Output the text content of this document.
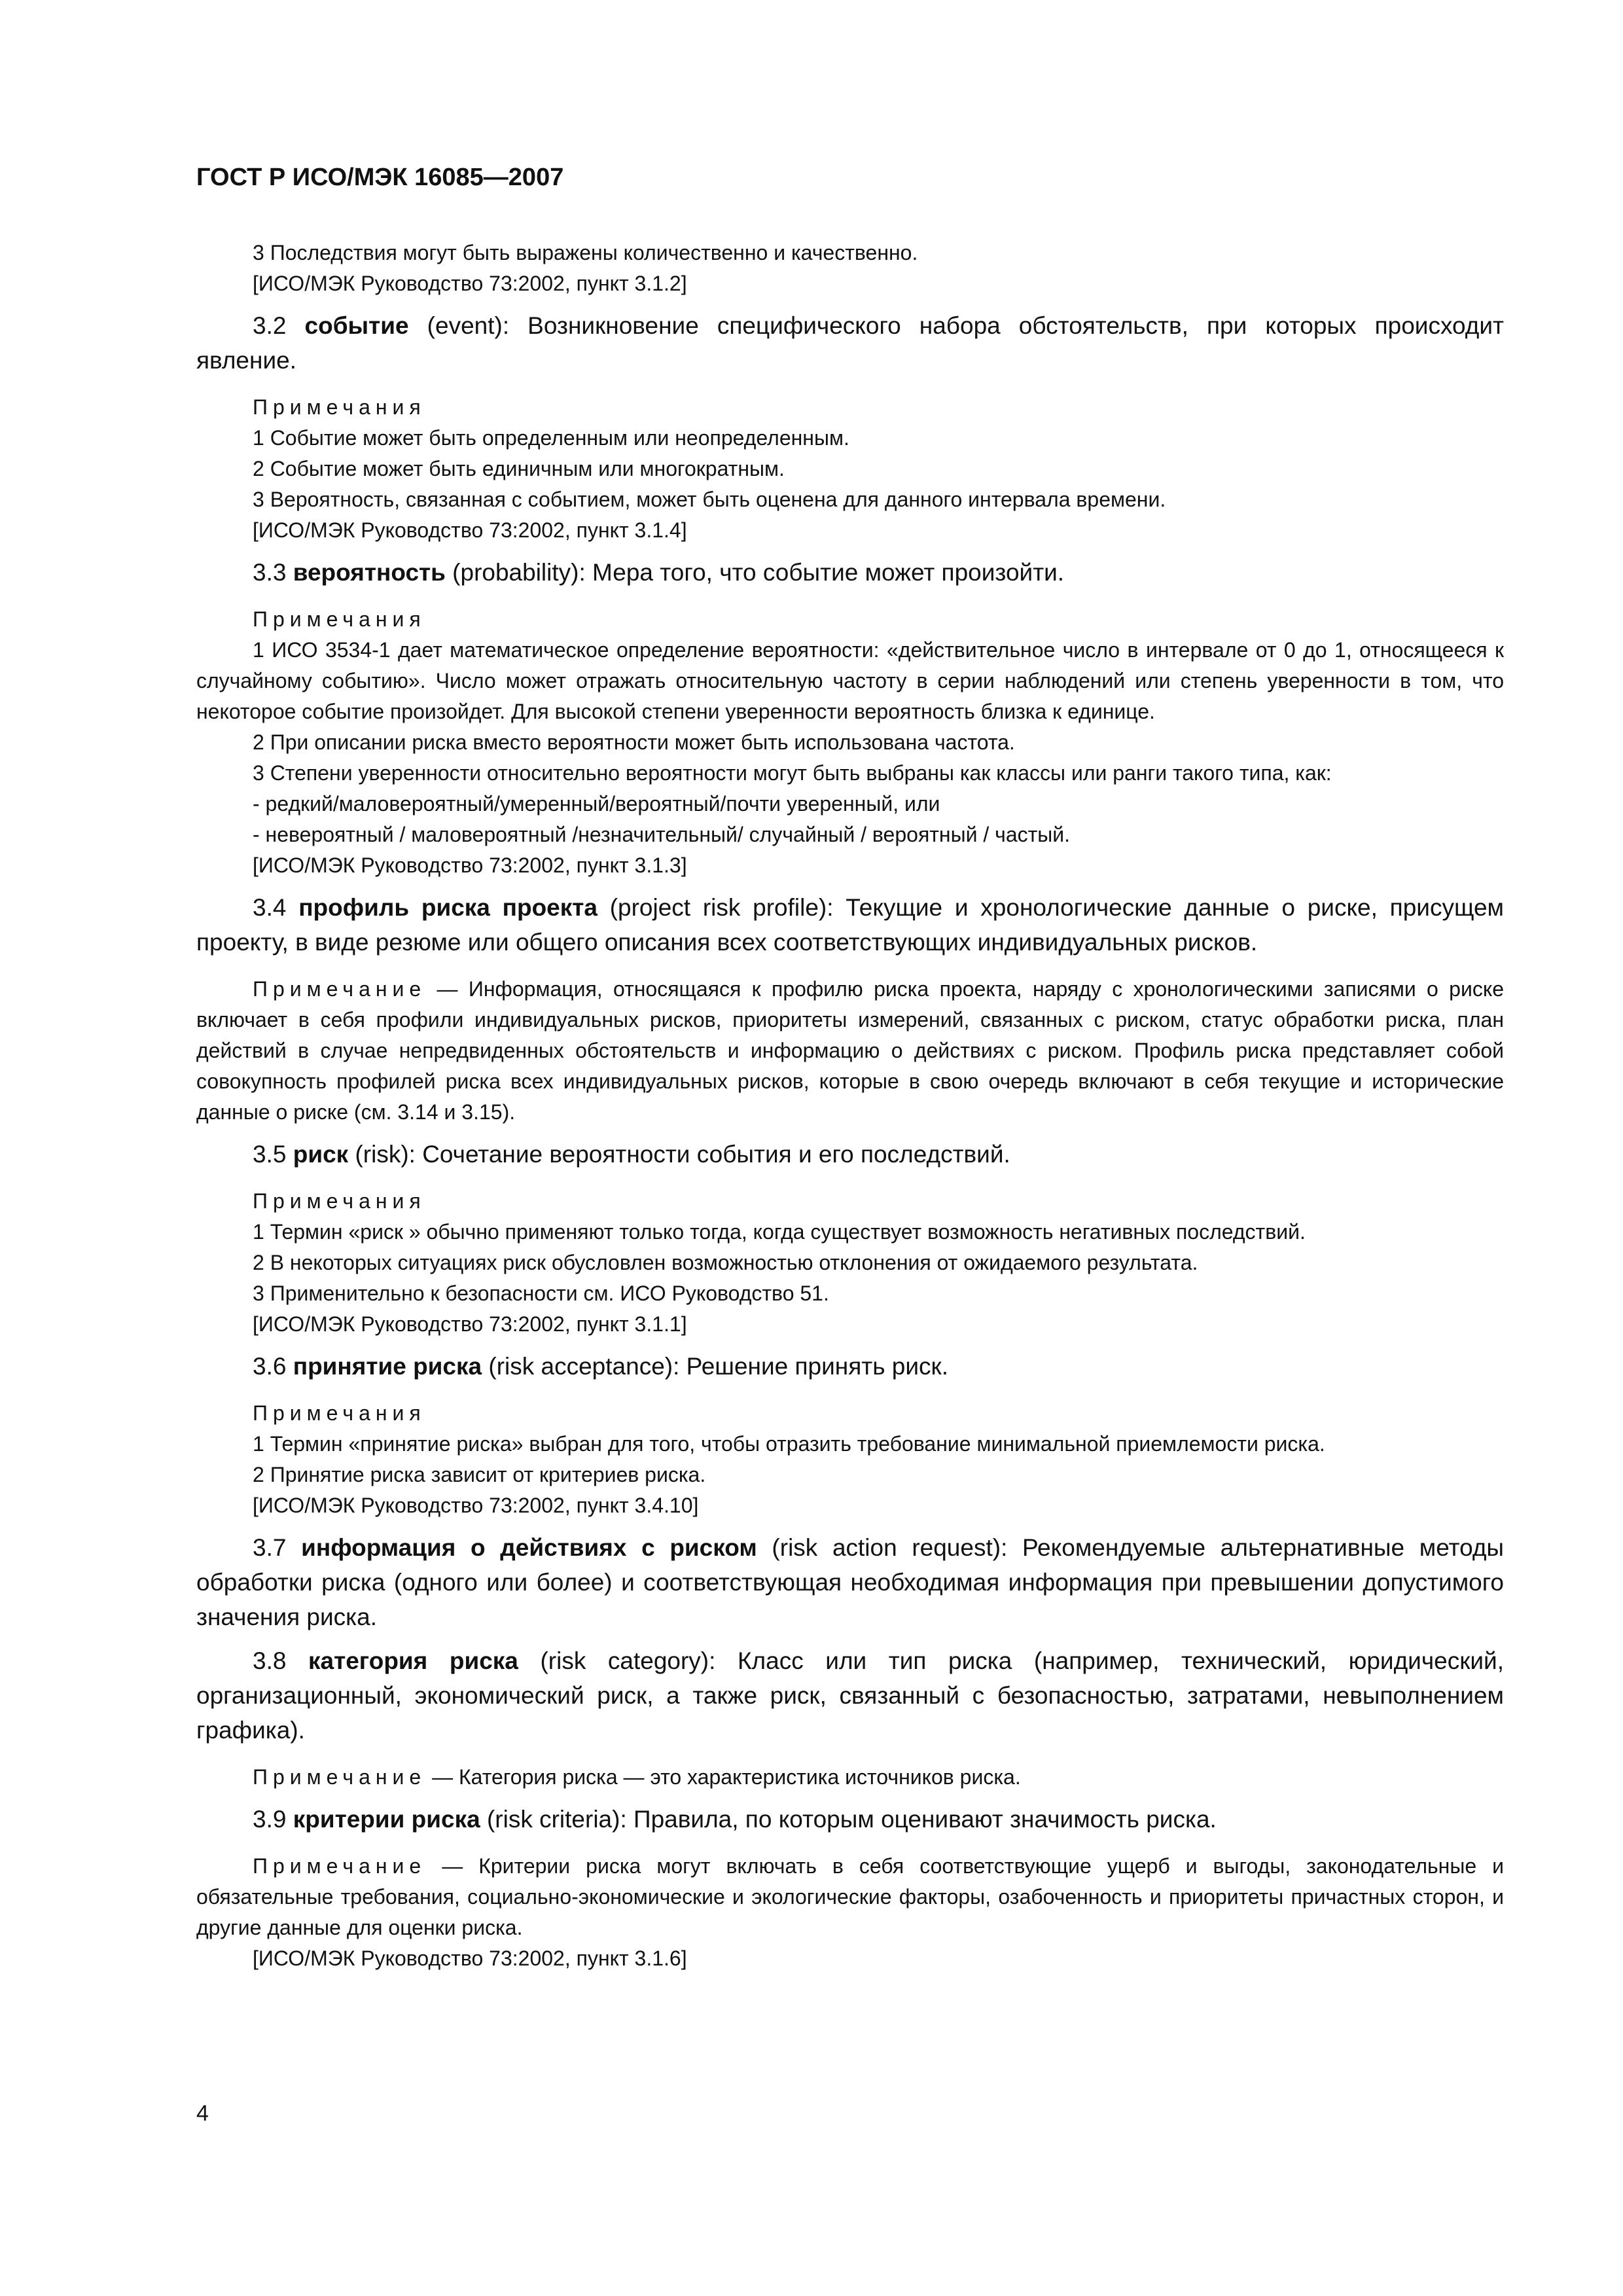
ГОСТ Р ИСО/МЭК 16085—2007

3 Последствия могут быть выражены количественно и качественно.

[ИСО/МЭК Руководство 73:2002, пункт 3.1.2]

3.2 событие (event): Возникновение специфического набора обстоятельств, при которых происходит явление.

Примечания

1 Событие может быть определенным или неопределенным.

2 Событие может быть единичным или многократным.

3 Вероятность, связанная с событием, может быть оценена для данного интервала времени.

[ИСО/МЭК Руководство 73:2002, пункт 3.1.4]

3.3 вероятность (probability): Мера того, что событие может произойти.

Примечания

1 ИСО 3534-1 дает математическое определение вероятности: «действительное число в интервале от 0 до 1, относящееся к случайному событию». Число может отражать относительную частоту в серии наблюдений или степень уверенности в том, что некоторое событие произойдет. Для высокой степени уверенности вероятность близка к единице.

2 При описании риска вместо вероятности может быть использована частота.

3 Степени уверенности относительно вероятности могут быть выбраны как классы или ранги такого типа, как:

- редкий/маловероятный/умеренный/вероятный/почти уверенный, или

- невероятный / маловероятный /незначительный/ случайный / вероятный / частый.

[ИСО/МЭК Руководство 73:2002, пункт 3.1.3]

3.4 профиль риска проекта (project risk profile): Текущие и хронологические данные о риске, присущем проекту, в виде резюме или общего описания всех соответствующих индивидуальных рисков.

Примечание — Информация, относящаяся к профилю риска проекта, наряду с хронологическими записями о риске включает в себя профили индивидуальных рисков, приоритеты измерений, связанных с риском, статус обработки риска, план действий в случае непредвиденных обстоятельств и информацию о действиях с риском. Профиль риска представляет собой совокупность профилей риска всех индивидуальных рисков, которые в свою очередь включают в себя текущие и исторические данные о риске (см. 3.14 и 3.15).

3.5 риск (risk): Сочетание вероятности события и его последствий.

Примечания

1 Термин «риск » обычно применяют только тогда, когда существует возможность негативных последствий.

2 В некоторых ситуациях риск обусловлен возможностью отклонения от ожидаемого результата.

3 Применительно к безопасности см. ИСО Руководство 51.

[ИСО/МЭК Руководство 73:2002, пункт 3.1.1]

3.6 принятие риска (risk acceptance): Решение принять риск.

Примечания

1 Термин «принятие риска» выбран для того, чтобы отразить требование минимальной приемлемости риска.

2 Принятие риска зависит от критериев риска.

[ИСО/МЭК Руководство 73:2002, пункт 3.4.10]

3.7 информация о действиях с риском (risk action request): Рекомендуемые альтернативные методы обработки риска (одного или более) и соответствующая необходимая информация при превышении допустимого значения риска.

3.8 категория риска (risk category): Класс или тип риска (например, технический, юридический, организационный, экономический риск, а также риск, связанный с безопасностью, затратами, невыполнением графика).

Примечание — Категория риска — это характеристика источников риска.

3.9 критерии риска (risk criteria): Правила, по которым оценивают значимость риска.

Примечание — Критерии риска могут включать в себя соответствующие ущерб и выгоды, законодательные и обязательные требования, социально-экономические и экологические факторы, озабоченность и приоритеты причастных сторон, и другие данные для оценки риска.

[ИСО/МЭК Руководство 73:2002, пункт 3.1.6]

4
